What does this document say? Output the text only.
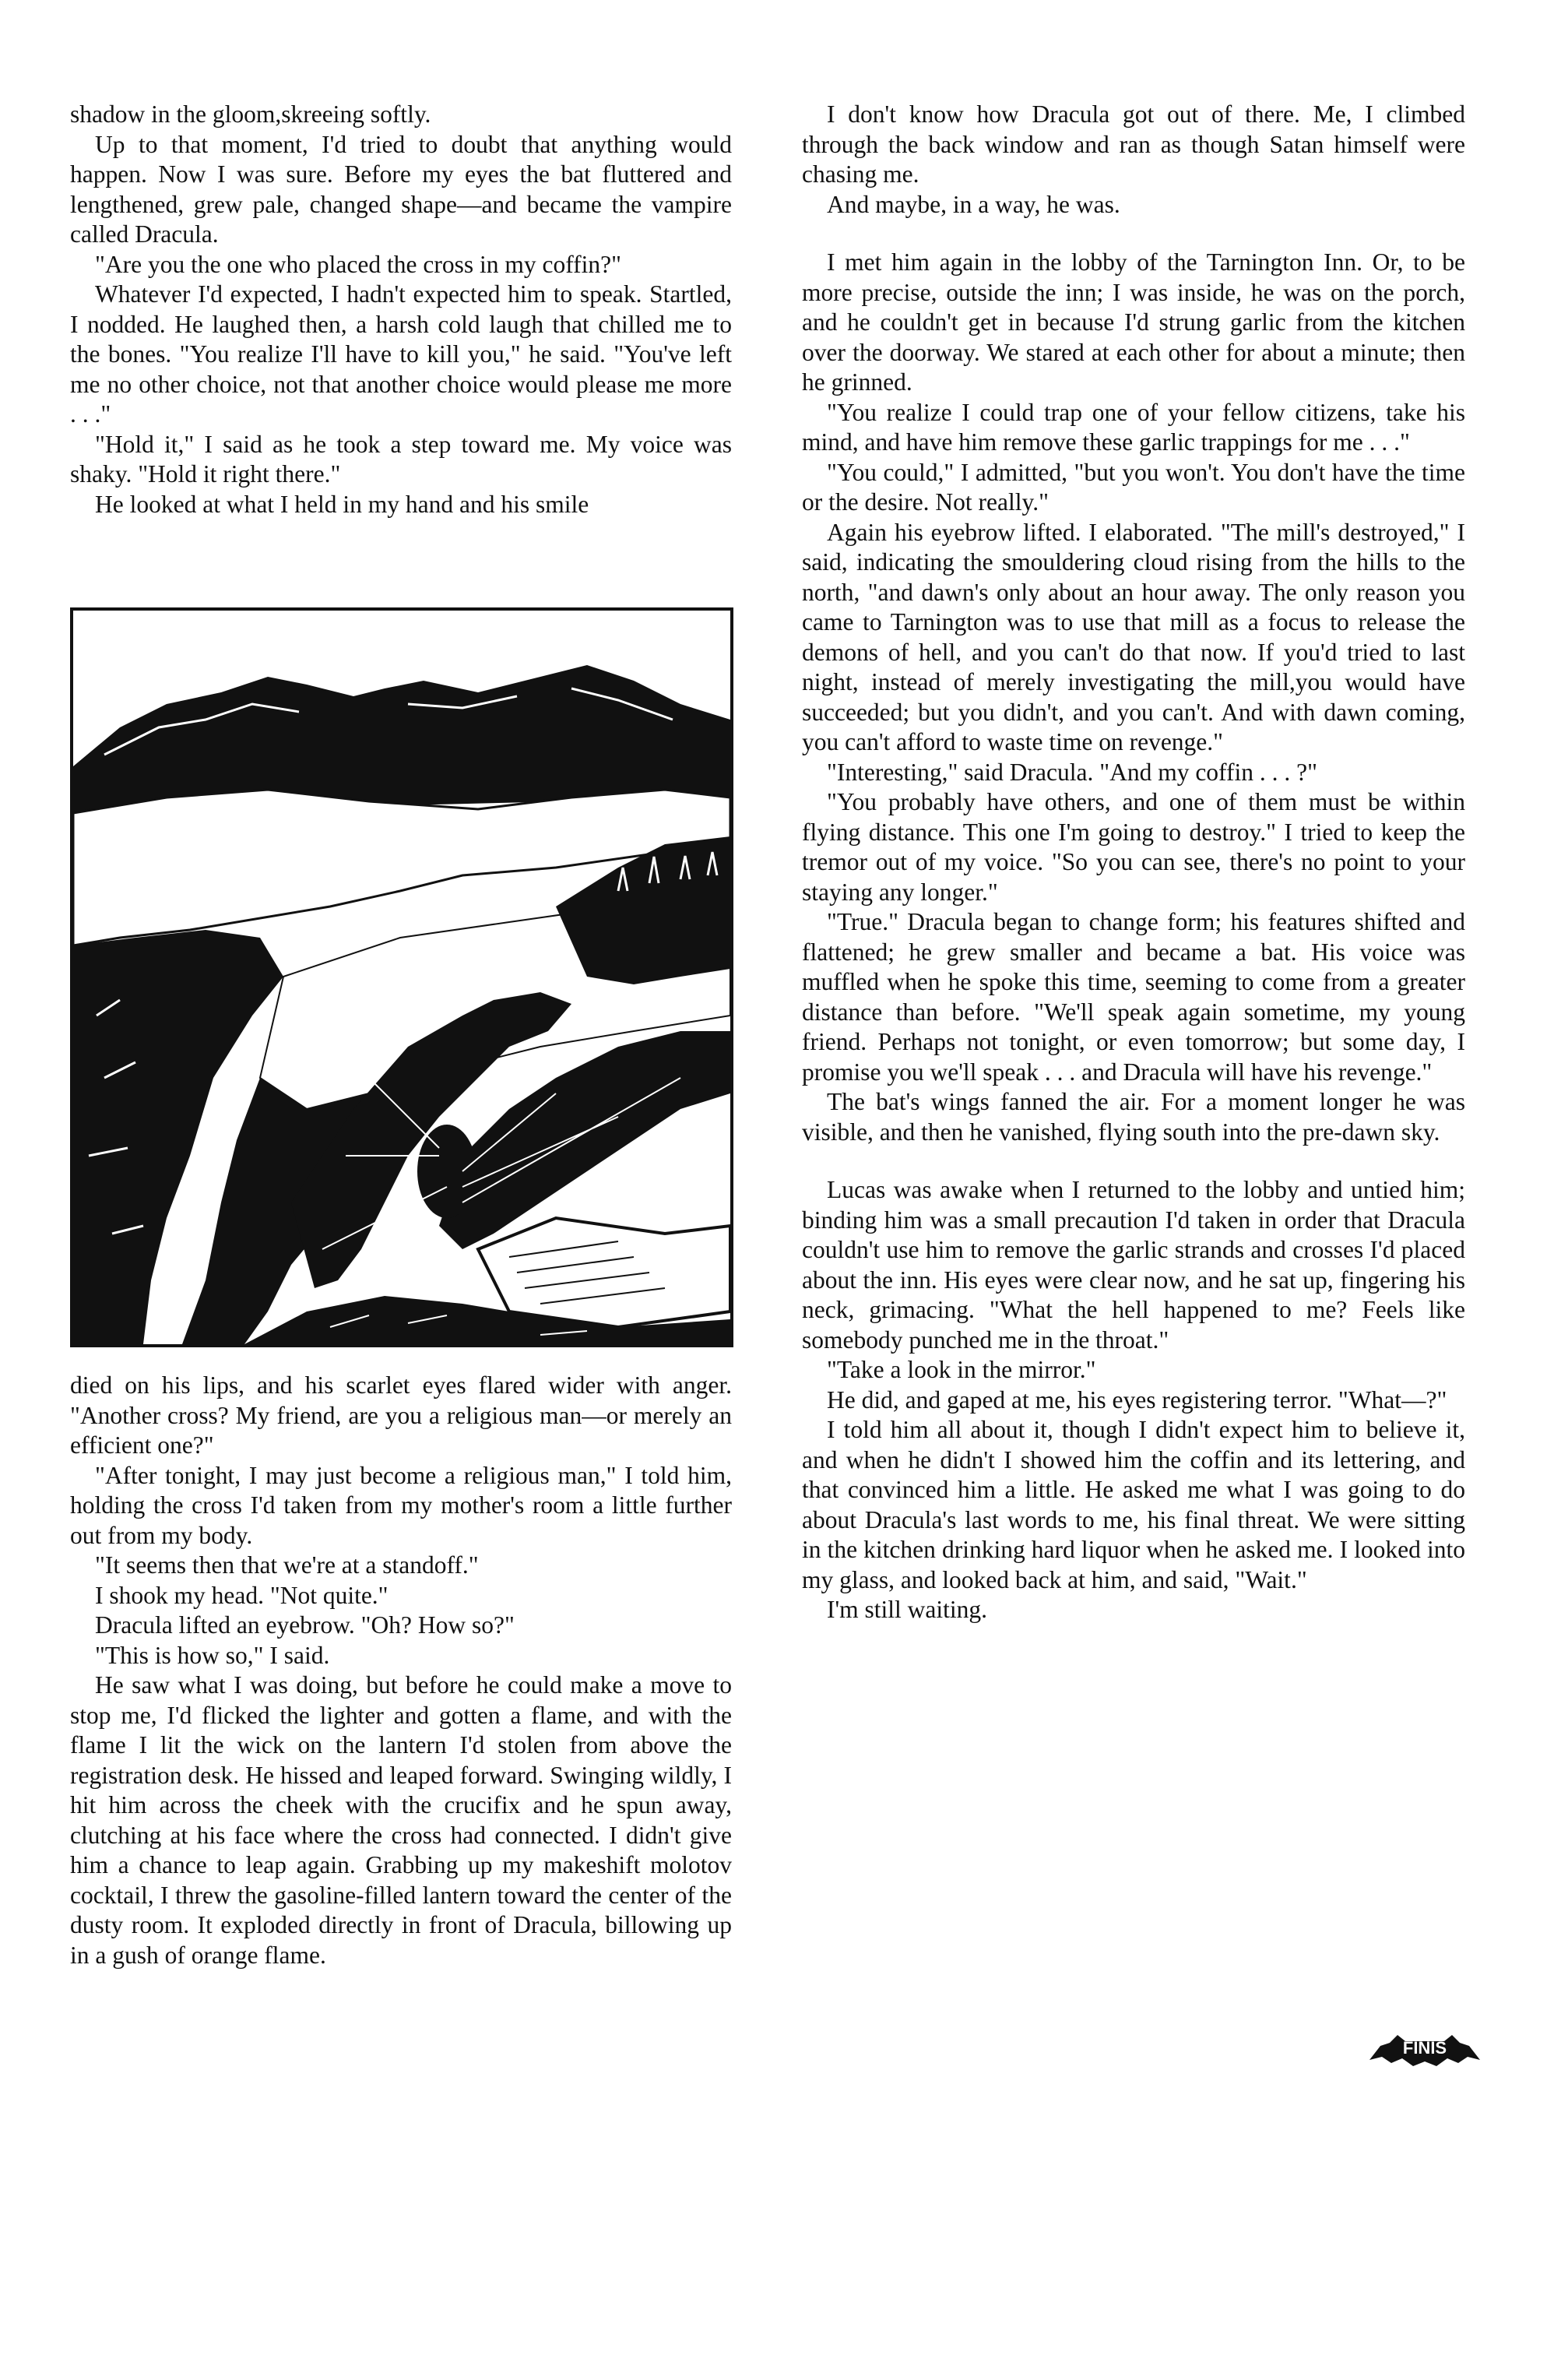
shadow in the gloom,skreeing softly.

Up to that moment, I'd tried to doubt that anything would happen. Now I was sure. Before my eyes the bat fluttered and lengthened, grew pale, changed shape—and became the vampire called Dracula.

"Are you the one who placed the cross in my coffin?"

Whatever I'd expected, I hadn't expected him to speak. Startled, I nodded. He laughed then, a harsh cold laugh that chilled me to the bones. "You realize I'll have to kill you," he said. "You've left me no other choice, not that another choice would please me more . . ."

"Hold it," I said as he took a step toward me. My voice was shaky. "Hold it right there."

He looked at what I held in my hand and his smile

died on his lips, and his scarlet eyes flared wider with anger. "Another cross? My friend, are you a religious man—or merely an efficient one?"

"After tonight, I may just become a religious man," I told him, holding the cross I'd taken from my mother's room a little further out from my body.

"It seems then that we're at a standoff."

I shook my head. "Not quite."

Dracula lifted an eyebrow. "Oh? How so?"

"This is how so," I said.

He saw what I was doing, but before he could make a move to stop me, I'd flicked the lighter and gotten a flame, and with the flame I lit the wick on the lantern I'd stolen from above the registration desk. He hissed and leaped forward. Swinging wildly, I hit him across the cheek with the crucifix and he spun away, clutching at his face where the cross had connected. I didn't give him a chance to leap again. Grabbing up my makeshift molotov cocktail, I threw the gasoline-filled lantern toward the center of the dusty room. It exploded directly in front of Dracula, billowing up in a gush of orange flame.

I don't know how Dracula got out of there. Me, I climbed through the back window and ran as though Satan himself were chasing me.

And maybe, in a way, he was.

I met him again in the lobby of the Tarnington Inn. Or, to be more precise, outside the inn; I was inside, he was on the porch, and he couldn't get in because I'd strung garlic from the kitchen over the doorway. We stared at each other for about a minute; then he grinned.

"You realize I could trap one of your fellow citizens, take his mind, and have him remove these garlic trappings for me . . ."

"You could," I admitted, "but you won't. You don't have the time or the desire. Not really."

Again his eyebrow lifted. I elaborated. "The mill's destroyed," I said, indicating the smouldering cloud rising from the hills to the north, "and dawn's only about an hour away. The only reason you came to Tarnington was to use that mill as a focus to release the demons of hell, and you can't do that now. If you'd tried to last night, instead of merely investigating the mill,you would have succeeded; but you didn't, and you can't. And with dawn coming, you can't afford to waste time on revenge."

"Interesting," said Dracula. "And my coffin . . . ?"

"You probably have others, and one of them must be within flying distance. This one I'm going to destroy." I tried to keep the tremor out of my voice. "So you can see, there's no point to your staying any longer."

"True." Dracula began to change form; his features shifted and flattened; he grew smaller and became a bat. His voice was muffled when he spoke this time, seeming to come from a greater distance than before. "We'll speak again sometime, my young friend. Perhaps not tonight, or even tomorrow; but some day, I promise you we'll speak . . . and Dracula will have his revenge."

The bat's wings fanned the air. For a moment longer he was visible, and then he vanished, flying south into the pre-dawn sky.

Lucas was awake when I returned to the lobby and untied him; binding him was a small precaution I'd taken in order that Dracula couldn't use him to remove the garlic strands and crosses I'd placed about the inn. His eyes were clear now, and he sat up, fingering his neck, grimacing. "What the hell happened to me? Feels like somebody punched me in the throat."

"Take a look in the mirror."

He did, and gaped at me, his eyes registering terror. "What—?"

I told him all about it, though I didn't expect him to believe it, and when he didn't I showed him the coffin and its lettering, and that convinced him a little. He asked me what I was going to do about Dracula's last words to me, his final threat. We were sitting in the kitchen drinking hard liquor when he asked me. I looked into my glass, and looked back at him, and said, "Wait."

I'm still waiting.

FINIS
